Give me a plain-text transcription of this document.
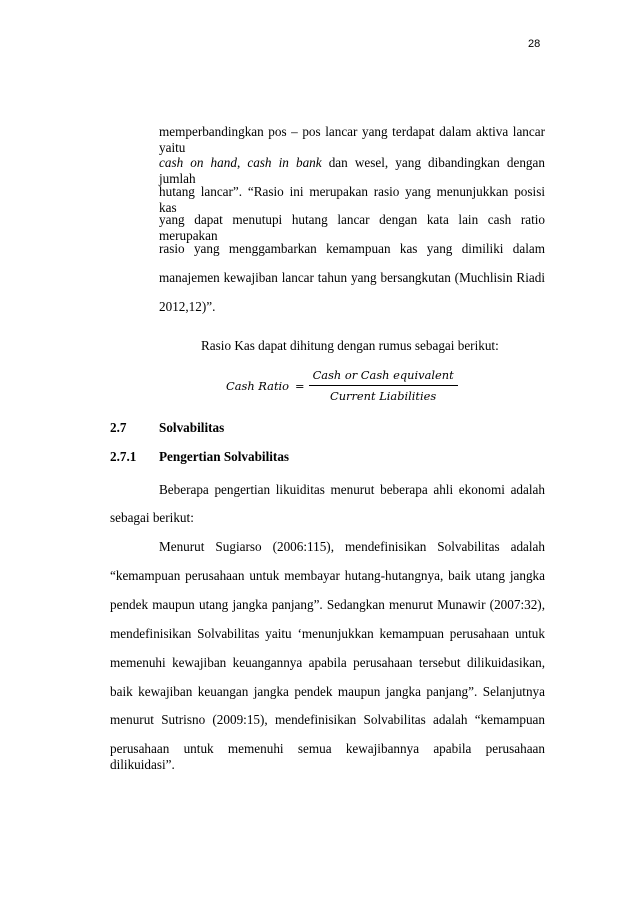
28
memperbandingkan pos – pos lancar yang terdapat dalam aktiva lancar yaitu
cash on hand, cash in bank dan wesel, yang dibandingkan dengan jumlah
hutang lancar”. “Rasio ini merupakan rasio yang menunjukkan posisi kas
yang dapat menutupi hutang lancar dengan kata lain cash ratio merupakan
rasio yang menggambarkan kemampuan kas yang dimiliki dalam
manajemen kewajiban lancar tahun yang bersangkutan (Muchlisin Riadi
2012,12)”.
Rasio Kas dapat dihitung dengan rumus sebagai berikut:
Cash Ratio = $\frac{\text{Cash or Cash equivalent}}{\text{Current Liabilities}}$
2.7 Solvabilitas
2.7.1 Pengertian Solvabilitas
Beberapa pengertian likuiditas menurut beberapa ahli ekonomi adalah
sebagai berikut:
Menurut Sugiarso (2006:115), mendefinisikan Solvabilitas adalah
“kemampuan perusahaan untuk membayar hutang-hutangnya, baik utang jangka
pendek maupun utang jangka panjang”. Sedangkan menurut Munawir (2007:32),
mendefinisikan Solvabilitas yaitu ‘menunjukkan kemampuan perusahaan untuk
memenuhi kewajiban keuangannya apabila perusahaan tersebut dilikuidasikan,
baik kewajiban keuangan jangka pendek maupun jangka panjang”. Selanjutnya
menurut Sutrisno (2009:15), mendefinisikan Solvabilitas adalah “kemampuan
perusahaan untuk memenuhi semua kewajibannya apabila perusahaan dilikuidasi”.
